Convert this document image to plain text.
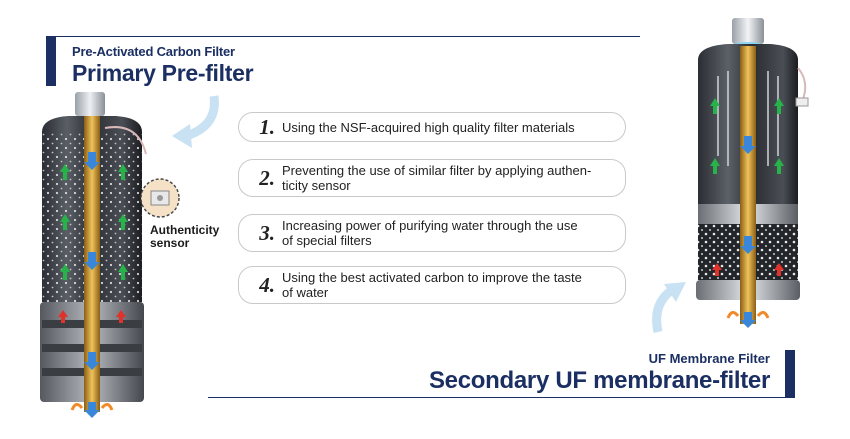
Pre-Activated Carbon Filter
Primary Pre-filter
Authenticity
sensor
1. Using the NSF-acquired high quality filter materials
2. Preventing the use of similar filter by applying authen-
ticity sensor
3. Increasing power of purifying water through the use
of special filters
4. Using the best activated carbon to improve the taste
of water
UF Membrane Filter
Secondary UF membrane-filter
